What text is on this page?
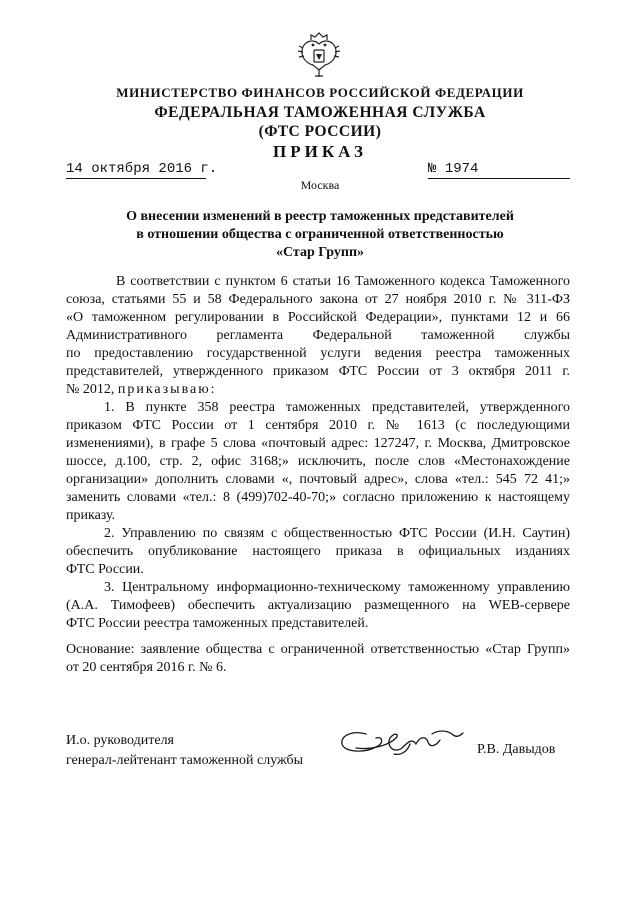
МИНИСТЕРСТВО ФИНАНСОВ РОССИЙСКОЙ ФЕДЕРАЦИИ
ФЕДЕРАЛЬНАЯ ТАМОЖЕННАЯ СЛУЖБА
(ФТС РОССИИ)
ПРИКАЗ
14 октября 2016 г.	№ 1974
Москва
О внесении изменений в реестр таможенных представителей
в отношении общества с ограниченной ответственностью
«Стар Групп»
В соответствии с пунктом 6 статьи 16 Таможенного кодекса Таможенного
союза, статьями 55 и 58 Федерального закона от 27 ноября 2010 г. № 311-ФЗ
«О таможенном регулировании в Российской Федерации», пунктами 12 и 66
Административного регламента Федеральной таможенной службы
по предоставлению государственной услуги ведения реестра таможенных
представителей, утвержденного приказом ФТС России от 3 октября 2011 г.
№ 2012, приказываю:
1. В пункте 358 реестра таможенных представителей, утвержденного
приказом ФТС России от 1 сентября 2010 г. № 1613 (с последующими
изменениями), в графе 5 слова «почтовый адрес: 127247, г. Москва, Дмитровское
шоссе, д.100, стр. 2, офис 3168;» исключить, после слов «Местонахождение
организации» дополнить словами «, почтовый адрес», слова «тел.: 545 72 41;»
заменить словами «тел.: 8 (499)702-40-70;» согласно приложению к настоящему
приказу.
2. Управлению по связям с общественностью ФТС России (И.Н. Саутин)
обеспечить опубликование настоящего приказа в официальных изданиях
ФТС России.
3. Центральному информационно-техническому таможенному управлению
(А.А. Тимофеев) обеспечить актуализацию размещенного на WEB-сервере
ФТС России реестра таможенных представителей.
Основание: заявление общества с ограниченной ответственностью «Стар Групп»
от 20 сентября 2016 г. № 6.
И.о. руководителя
генерал-лейтенант таможенной службы
Р.В. Давыдов
